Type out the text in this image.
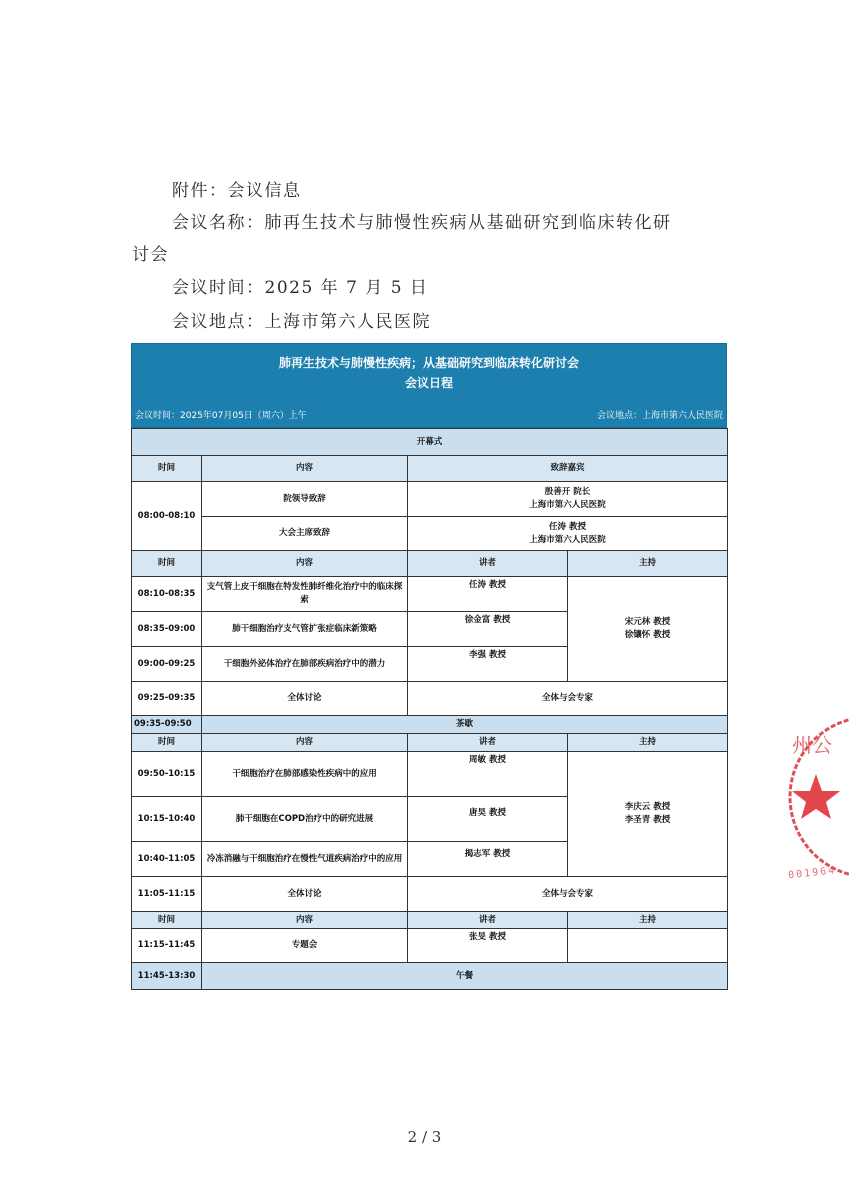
附件：会议信息

会议名称：肺再生技术与肺慢性疾病从基础研究到临床转化研

讨会

会议时间：2025 年 7 月 5 日

会议地点：上海市第六人民医院

肺再生技术与肺慢性疾病；从基础研究到临床转化研讨会
会议日程
会议时间：2025年07月05日（周六）上午	会议地点：上海市第六人民医院
开幕式			
时间	内容	致辞嘉宾	
08:00-08:10	院领导致辞	殷善开 院长
上海市第六人民医院	

	大会主席致辞	任涛 教授
上海市第六人民医院	

时间	内容	讲者	主持
08:10-08:35	支气管上皮干细胞在特发性肺纤维化治疗中的临床探索	任涛 教授	宋元林 教授
徐镶怀 教授

08:35-09:00	肺干细胞治疗支气管扩张症临床新策略	徐金富 教授	
09:00-09:25	干细胞外泌体治疗在肺部疾病治疗中的潜力	李强 教授	
09:25-09:35	全体讨论	全体与会专家	
09:35-09:50	茶歇		
时间	内容	讲者	主持
09:50-10:15	干细胞治疗在肺部感染性疾病中的应用	周敏 教授	李庆云 教授
李圣青 教授

10:15-10:40	肺干细胞在COPD治疗中的研究进展	唐昊 教授	
10:40-11:05	冷冻消融与干细胞治疗在慢性气道疾病治疗中的应用	揭志军 教授	
11:05-11:15	全体讨论	全体与会专家	
时间	内容	讲者	主持
11:15-11:45	专题会	张旻 教授	
11:45-13:30	午餐		
州公
001964
2 / 3
